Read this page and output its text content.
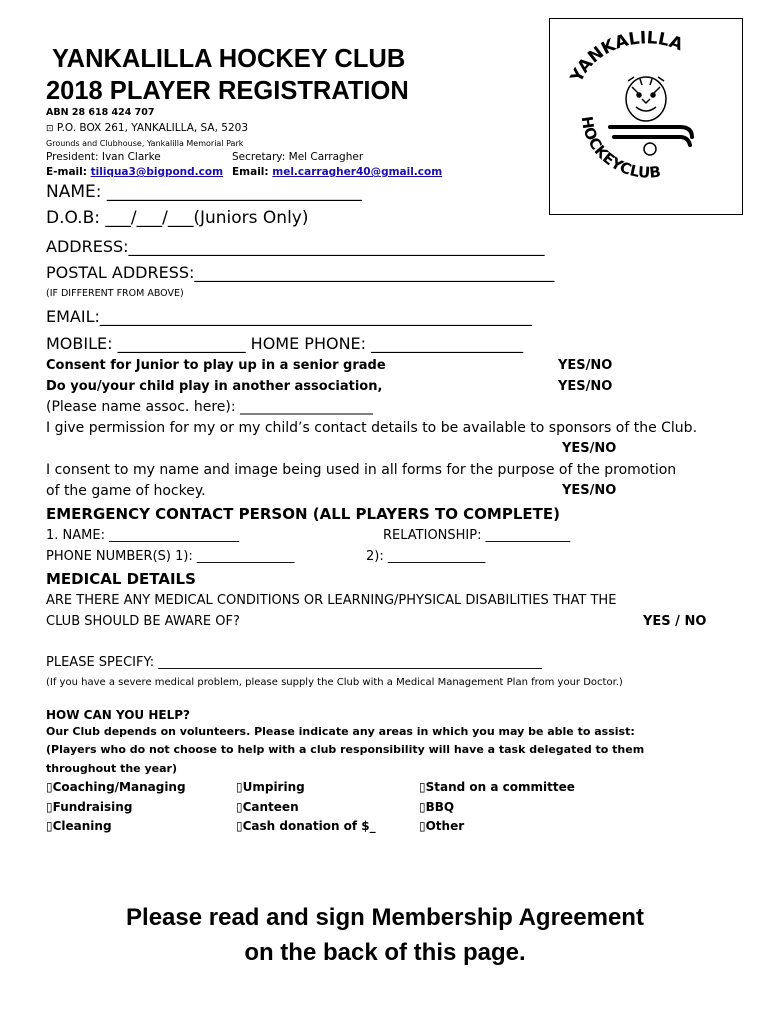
YANKALILLA HOCKEY CLUB
2018 PLAYER REGISTRATION
ABN 28 618 424 707
⊡ P.O. BOX 261, YANKALILLA, SA, 5203
Grounds and Clubhouse, Yankalilla Memorial Park
President: Ivan Clarke	Secretary: Mel Carragher
E-mail: tiliqua3@bigpond.com Email: mel.carragher40@gmail.com
YANKALILLA
HOCKEYCLUB
NAME: ______________________________
D.O.B: ___/___/___(Juniors Only)
ADDRESS:____________________________________________________
POSTAL ADDRESS:_____________________________________________
(IF DIFFERENT FROM ABOVE)
EMAIL:______________________________________________________
MOBILE: ________________ HOME PHONE: ___________________
Consent for Junior to play up in a senior grade	YES/NO
Do you/your child play in another association,	YES/NO
(Please name assoc. here): ___________________
I give permission for my or my child’s contact details to be available to sponsors of the Club.
YES/NO
I consent to my name and image being used in all forms for the purpose of the promotion
of the game of hockey.	YES/NO
EMERGENCY CONTACT PERSON (ALL PLAYERS TO COMPLETE)
1. NAME: ____________________	RELATIONSHIP: _____________
PHONE NUMBER(S) 1): _______________	2): _______________
MEDICAL DETAILS
ARE THERE ANY MEDICAL CONDITIONS OR LEARNING/PHYSICAL DISABILITIES THAT THE
CLUB SHOULD BE AWARE OF?	YES / NO
PLEASE SPECIFY: ___________________________________________________________
(If you have a severe medical problem, please supply the Club with a Medical Management Plan from your Doctor.)
HOW CAN YOU HELP?
Our Club depends on volunteers. Please indicate any areas in which you may be able to assist:
(Players who do not choose to help with a club responsibility will have a task delegated to them
throughout the year)
▯Coaching/Managing	▯Umpiring	▯Stand on a committee
▯Fundraising	▯Canteen	▯BBQ
▯Cleaning	▯Cash donation of $_	▯Other
Please read and sign Membership Agreement
on the back of this page.
